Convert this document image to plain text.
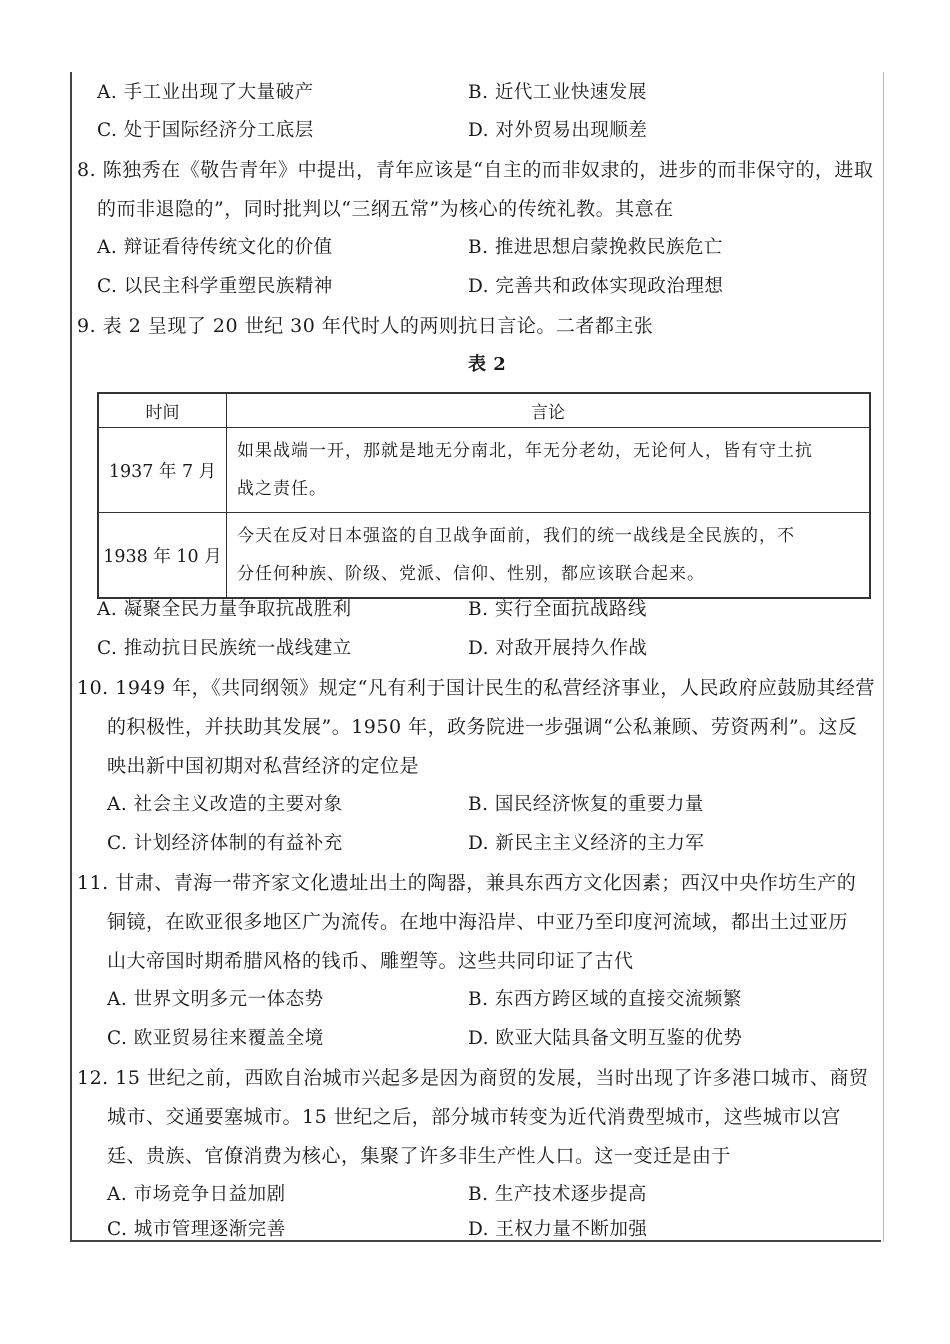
A. 手工业出现了大量破产	B. 近代工业快速发展
C. 处于国际经济分工底层	D. 对外贸易出现顺差
8. 陈独秀在《敬告青年》中提出，青年应该是“自主的而非奴隶的，进步的而非保守的，进取
的而非退隐的”，同时批判以“三纲五常”为核心的传统礼教。其意在
A. 辩证看待传统文化的价值	B. 推进思想启蒙挽救民族危亡
C. 以民主科学重塑民族精神	D. 完善共和政体实现政治理想
9. 表 2 呈现了 20 世纪 30 年代时人的两则抗日言论。二者都主张
表 2
时间	言论
1937 年 7 月	如果战端一开，那就是地无分南北，年无分老幼，无论何人，皆有守土抗
战之责任。

1938 年 10 月	今天在反对日本强盗的自卫战争面前，我们的统一战线是全民族的，不
分任何种族、阶级、党派、信仰、性别，都应该联合起来。
A. 凝聚全民力量争取抗战胜利	B. 实行全面抗战路线
C. 推动抗日民族统一战线建立	D. 对敌开展持久作战
10. 1949 年，《共同纲领》规定“凡有利于国计民生的私营经济事业，人民政府应鼓励其经营
的积极性，并扶助其发展”。1950 年，政务院进一步强调“公私兼顾、劳资两利”。这反
映出新中国初期对私营经济的定位是
A. 社会主义改造的主要对象	B. 国民经济恢复的重要力量
C. 计划经济体制的有益补充	D. 新民主主义经济的主力军
11. 甘肃、青海一带齐家文化遗址出土的陶器，兼具东西方文化因素；西汉中央作坊生产的
铜镜，在欧亚很多地区广为流传。在地中海沿岸、中亚乃至印度河流域，都出土过亚历
山大帝国时期希腊风格的钱币、雕塑等。这些共同印证了古代
A. 世界文明多元一体态势	B. 东西方跨区域的直接交流频繁
C. 欧亚贸易往来覆盖全境	D. 欧亚大陆具备文明互鉴的优势
12. 15 世纪之前，西欧自治城市兴起多是因为商贸的发展，当时出现了许多港口城市、商贸
城市、交通要塞城市。15 世纪之后，部分城市转变为近代消费型城市，这些城市以宫
廷、贵族、官僚消费为核心，集聚了许多非生产性人口。这一变迁是由于
A. 市场竞争日益加剧	B. 生产技术逐步提高
C. 城市管理逐渐完善	D. 王权力量不断加强
